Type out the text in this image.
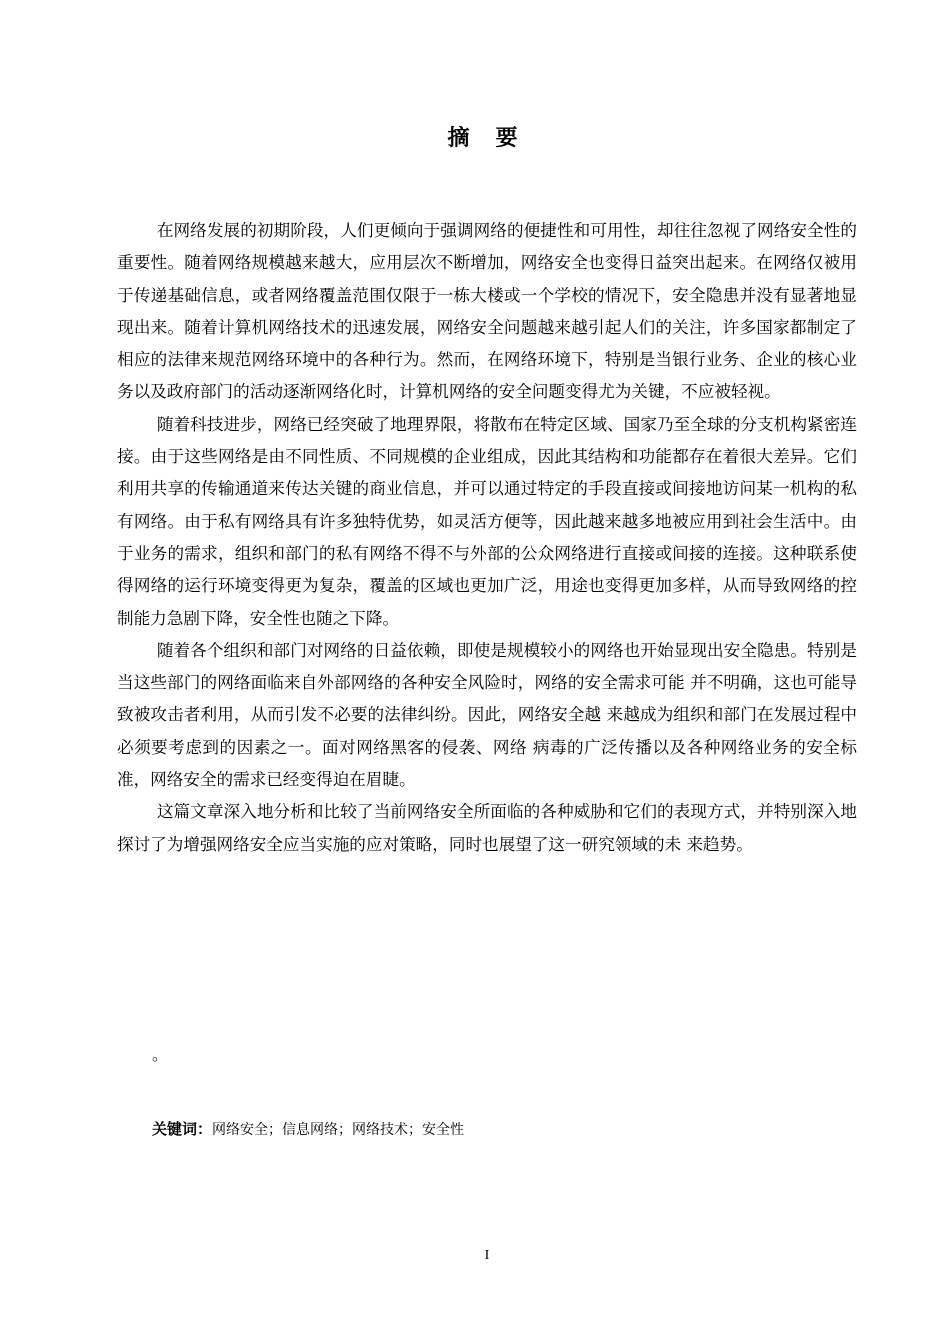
摘 要

在网络发展的初期阶段，人们更倾向于强调网络的便捷性和可用性，却往往忽视了网络安全性的重要性。随着网络规模越来越大，应用层次不断增加，网络安全也变得日益突出起来。在网络仅被用于传递基础信息，或者网络覆盖范围仅限于一栋大楼或一个学校的情况下，安全隐患并没有显著地显现出来。随着计算机网络技术的迅速发展，网络安全问题越来越引起人们的关注，许多国家都制定了相应的法律来规范网络环境中的各种行为。然而，在网络环境下，特别是当银行业务、企业的核心业务以及政府部门的活动逐渐网络化时，计算机网络的安全问题变得尤为关键，不应被轻视。

随着科技进步，网络已经突破了地理界限，将散布在特定区域、国家乃至全球的分支机构紧密连接。由于这些网络是由不同性质、不同规模的企业组成，因此其结构和功能都存在着很大差异。它们利用共享的传输通道来传达关键的商业信息，并可以通过特定的手段直接或间接地访问某一机构的私有网络。由于私有网络具有许多独特优势，如灵活方便等，因此越来越多地被应用到社会生活中。由于业务的需求，组织和部门的私有网络不得不与外部的公众网络进行直接或间接的连接。这种联系使得网络的运行环境变得更为复杂，覆盖的区域也更加广泛，用途也变得更加多样，从而导致网络的控制能力急剧下降，安全性也随之下降。

随着各个组织和部门对网络的日益依赖，即使是规模较小的网络也开始显现出安全隐患。特别是当这些部门的网络面临来自外部网络的各种安全风险时，网络的安全需求可能 并不明确，这也可能导致被攻击者利用，从而引发不必要的法律纠纷。因此，网络安全越 来越成为组织和部门在发展过程中必须要考虑到的因素之一。面对网络黑客的侵袭、网络 病毒的广泛传播以及各种网络业务的安全标准，网络安全的需求已经变得迫在眉睫。

这篇文章深入地分析和比较了当前网络安全所面临的各种威胁和它们的表现方式，并特别深入地探讨了为增强网络安全应当实施的应对策略，同时也展望了这一研究领域的未 来趋势。

。
关键词：网络安全；信息网络；网络技术；安全性
I
